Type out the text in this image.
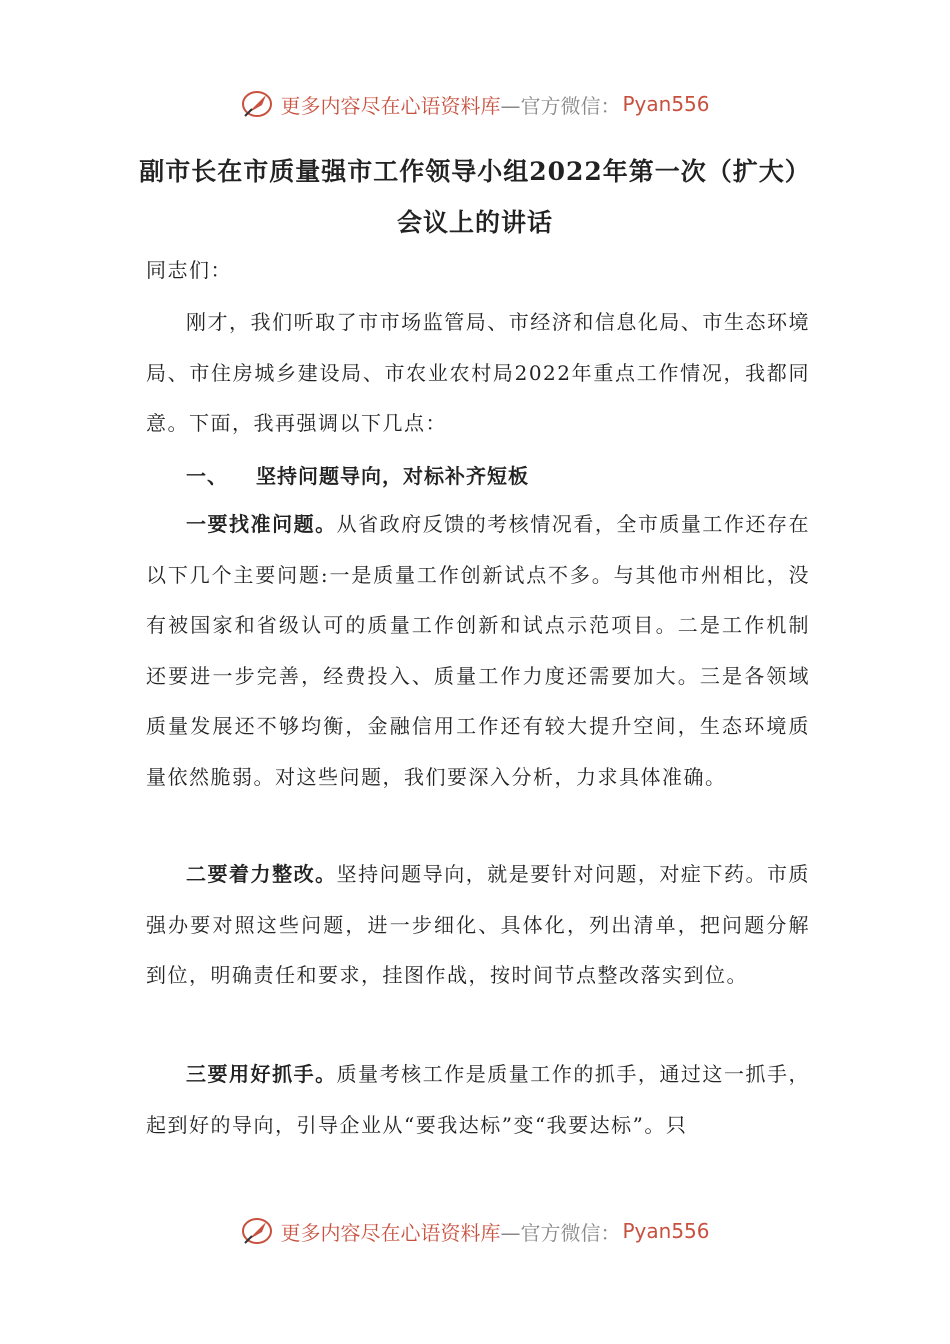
更多内容尽在心语资料库 —官方微信： Pyan556
副市长在市质量强市工作领导小组2022年第一次（扩大）
会议上的讲话

同志们：

刚才，我们听取了市市场监管局、市经济和信息化局、市生态环境局、市住房城乡建设局、市农业农村局2022年重点工作情况，我都同意。下面，我再强调以下几点：

一、 坚持问题导向，对标补齐短板

一要找准问题。从省政府反馈的考核情况看，全市质量工作还存在以下几个主要问题:一是质量工作创新试点不多。与其他市州相比，没有被国家和省级认可的质量工作创新和试点示范项目。二是工作机制还要进一步完善，经费投入、质量工作力度还需要加大。三是各领域质量发展还不够均衡，金融信用工作还有较大提升空间，生态环境质量依然脆弱。对这些问题，我们要深入分析，力求具体准确。

二要着力整改。坚持问题导向，就是要针对问题，对症下药。市质强办要对照这些问题，进一步细化、具体化，列出清单，把问题分解到位，明确责任和要求，挂图作战，按时间节点整改落实到位。

三要用好抓手。质量考核工作是质量工作的抓手，通过这一抓手，起到好的导向，引导企业从“要我达标”变“我要达标”。只

更多内容尽在心语资料库 —官方微信： Pyan556
